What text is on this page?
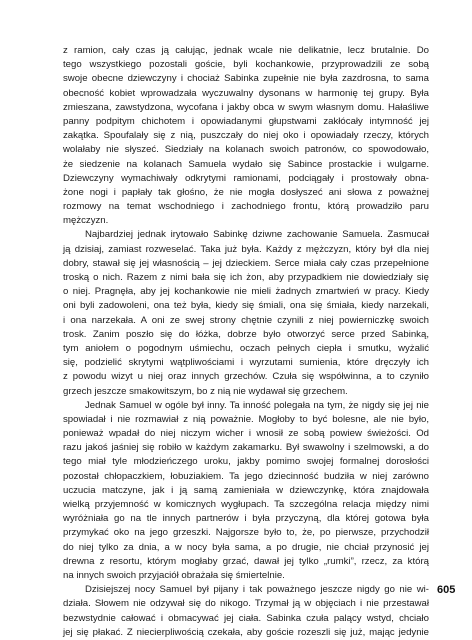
z ramion, cały czas ją całując, jednak wcale nie delikatnie, lecz brutalnie. Do
tego wszystkiego pozostali goście, byli kochankowie, przyprowadzili ze sobą
swoje obecne dziewczyny i chociaż Sabinka zupełnie nie była zazdrosna, to sama
obecność kobiet wprowadzała wyczuwalny dysonans w harmonię tej grupy. Była
zmieszana, zawstydzona, wycofana i jakby obca w swym własnym domu. Hałaśliwe
panny podpitym chichotem i opowiadanymi głupstwami zakłócały intymność jej
zakątka. Spoufalały się z nią, puszczały do niej oko i opowiadały rzeczy, których
wolałaby nie słyszeć. Siedziały na kolanach swoich patronów, co spowodowało,
że siedzenie na kolanach Samuela wydało się Sabince prostackie i wulgarne.
Dziewczyny wymachiwały odkrytymi ramionami, podciągały i prostowały obna-
żone nogi i papłały tak głośno, że nie mogła dosłyszeć ani słowa z poważnej
rozmowy na temat wschodniego i zachodniego frontu, którą prowadziło paru
mężczyzn.
Najbardziej jednak irytowało Sabinkę dziwne zachowanie Samuela. Zasmucał
ją dzisiaj, zamiast rozweselać. Taka już była. Każdy z mężczyzn, który był dla niej
dobry, stawał się jej własnością – jej dzieckiem. Serce miała cały czas przepełnione
troską o nich. Razem z nimi bała się ich żon, aby przypadkiem nie dowiedziały się
o niej. Pragnęła, aby jej kochankowie nie mieli żadnych zmartwień w pracy. Kiedy
oni byli zadowoleni, ona też była, kiedy się śmiali, ona się śmiała, kiedy narzekali,
i ona narzekała. A oni ze swej strony chętnie czynili z niej powierniczkę swoich
trosk. Zanim poszło się do łóżka, dobrze było otworzyć serce przed Sabinką,
tym aniołem o pogodnym uśmiechu, oczach pełnych ciepła i smutku, wyżalić
się, podzielić skrytymi wątpliwościami i wyrzutami sumienia, które dręczyły ich
z powodu wizyt u niej oraz innych grzechów. Czuła się współwinna, a to czyniło
grzech jeszcze smakowitszym, bo z nią nie wydawał się grzechem.
Jednak Samuel w ogóle był inny. Ta inność polegała na tym, że nigdy się jej nie
spowiadał i nie rozmawiał z nią poważnie. Mogłoby to być bolesne, ale nie było,
ponieważ wpadał do niej niczym wicher i wnosił ze sobą powiew świeżości. Od
razu jakoś jaśniej się robiło w każdym zakamarku. Był swawolny i szelmowski, a do
tego miał tyle młodzieńczego uroku, jakby pomimo swojej formalnej dorosłości
pozostał chłopaczkiem, łobuziakiem. Ta jego dziecinność budziła w niej zarówno
uczucia matczyne, jak i ją samą zamieniała w dziewczynkę, która znajdowała
wielką przyjemność w komicznych wygłupach. Ta szczególna relacja między nimi
wyróżniała go na tle innych partnerów i była przyczyną, dla której gotowa była
przymykać oko na jego grzeszki. Najgorsze było to, że, po pierwsze, przychodził
do niej tylko za dnia, a w nocy była sama, a po drugie, nie chciał przynosić jej
drewna z resortu, którym mogłaby grzać, dawał jej tylko „rumki”, rzecz, za którą
na innych swoich przyjaciół obrażała się śmiertelnie.
Dzisiejszej nocy Samuel był pijany i tak poważnego jeszcze nigdy go nie wi-
działa. Słowem nie odzywał się do nikogo. Trzymał ją w objęciach i nie przestawał
bezwstydnie całować i obmacywać jej ciała. Sabinka czuła palący wstyd, chciało
jej się płakać. Z niecierpliwością czekała, aby goście rozeszli się już, mając jedynie
605
